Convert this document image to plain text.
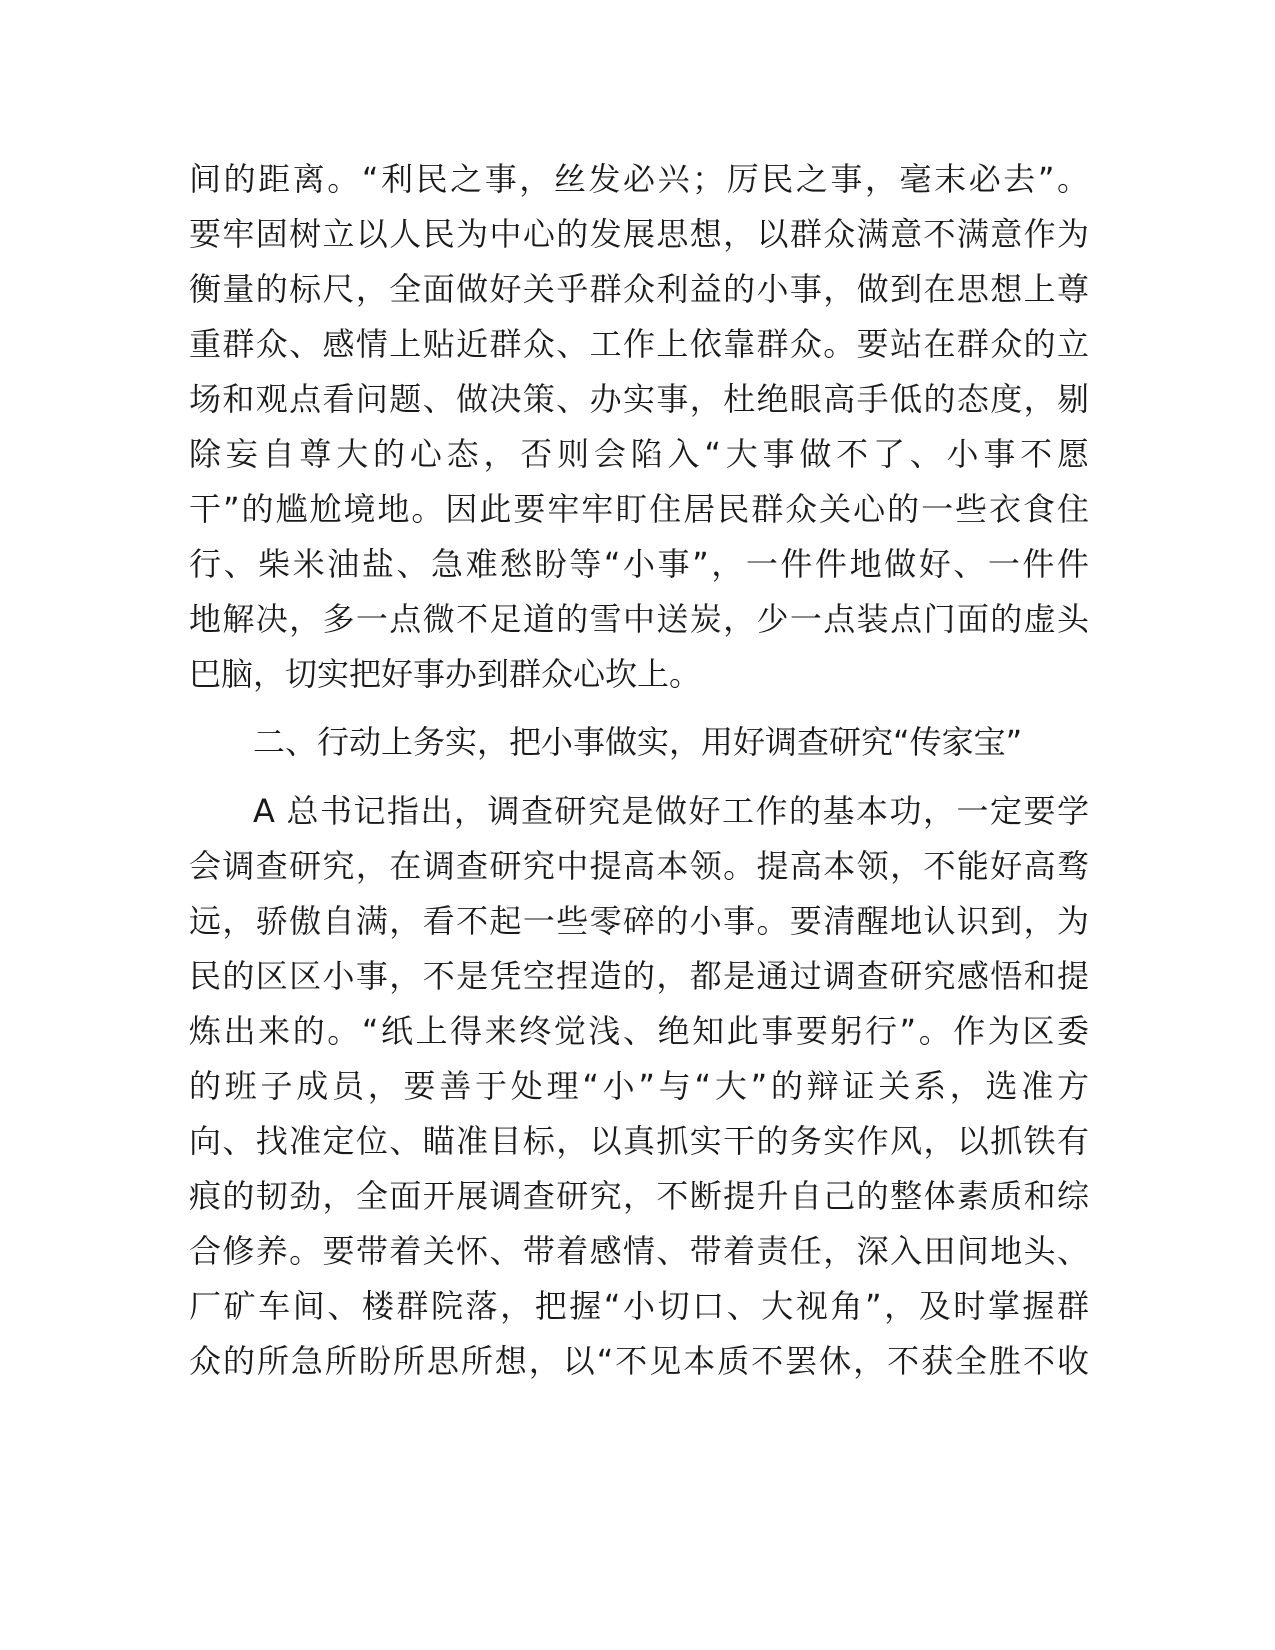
间的距离。“利民之事，丝发必兴；厉民之事，毫末必去”。
要牢固树立以人民为中心的发展思想，以群众满意不满意作为
衡量的标尺，全面做好关乎群众利益的小事，做到在思想上尊
重群众、感情上贴近群众、工作上依靠群众。要站在群众的立
场和观点看问题、做决策、办实事，杜绝眼高手低的态度，剔
除妄自尊大的心态，否则会陷入“大事做不了、小事不愿
干”的尴尬境地。因此要牢牢盯住居民群众关心的一些衣食住
行、柴米油盐、急难愁盼等“小事”，一件件地做好、一件件
地解决，多一点微不足道的雪中送炭，少一点装点门面的虚头
巴脑，切实把好事办到群众心坎上。
二、行动上务实，把小事做实，用好调查研究“传家宝”
A 总书记指出，调查研究是做好工作的基本功，一定要学
会调查研究，在调查研究中提高本领。提高本领，不能好高骛
远，骄傲自满，看不起一些零碎的小事。要清醒地认识到，为
民的区区小事，不是凭空捏造的，都是通过调查研究感悟和提
炼出来的。“纸上得来终觉浅、绝知此事要躬行”。作为区委
的班子成员，要善于处理“小”与“大”的辩证关系，选准方
向、找准定位、瞄准目标，以真抓实干的务实作风，以抓铁有
痕的韧劲，全面开展调查研究，不断提升自己的整体素质和综
合修养。要带着关怀、带着感情、带着责任，深入田间地头、
厂矿车间、楼群院落，把握“小切口、大视角”，及时掌握群
众的所急所盼所思所想，以“不见本质不罢休，不获全胜不收
